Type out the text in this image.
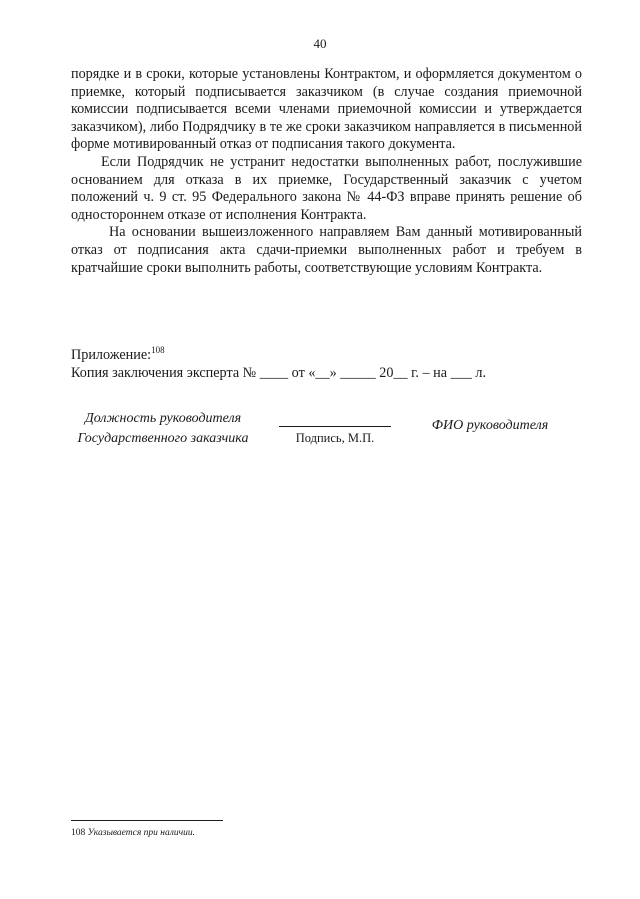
40

порядке и в сроки, которые установлены Контрактом, и оформляется документом о приемке, который подписывается заказчиком (в случае создания приемочной комиссии подписывается всеми членами приемочной комиссии и утверждается заказчиком), либо Подрядчику в те же сроки заказчиком направляется в письменной форме мотивированный отказ от подписания такого документа.

Если Подрядчик не устранит недостатки выполненных работ, послужившие основанием для отказа в их приемке, Государственный заказчик с учетом положений ч. 9 ст. 95 Федерального закона № 44-ФЗ вправе принять решение об одностороннем отказе от исполнения Контракта.

На основании вышеизложенного направляем Вам данный мотивированный отказ от подписания акта сдачи-приемки выполненных работ и требуем в кратчайшие сроки выполнить работы, соответствующие условиям Контракта.

Приложение:$^{108}$
Копия заключения эксперта № ____ от «__» _____ 20__ г. – на ___ л.
Должность руководителя
Государственного заказчика	Подпись, М.П.
ФИО руководителя
108 Указывается при наличии.
